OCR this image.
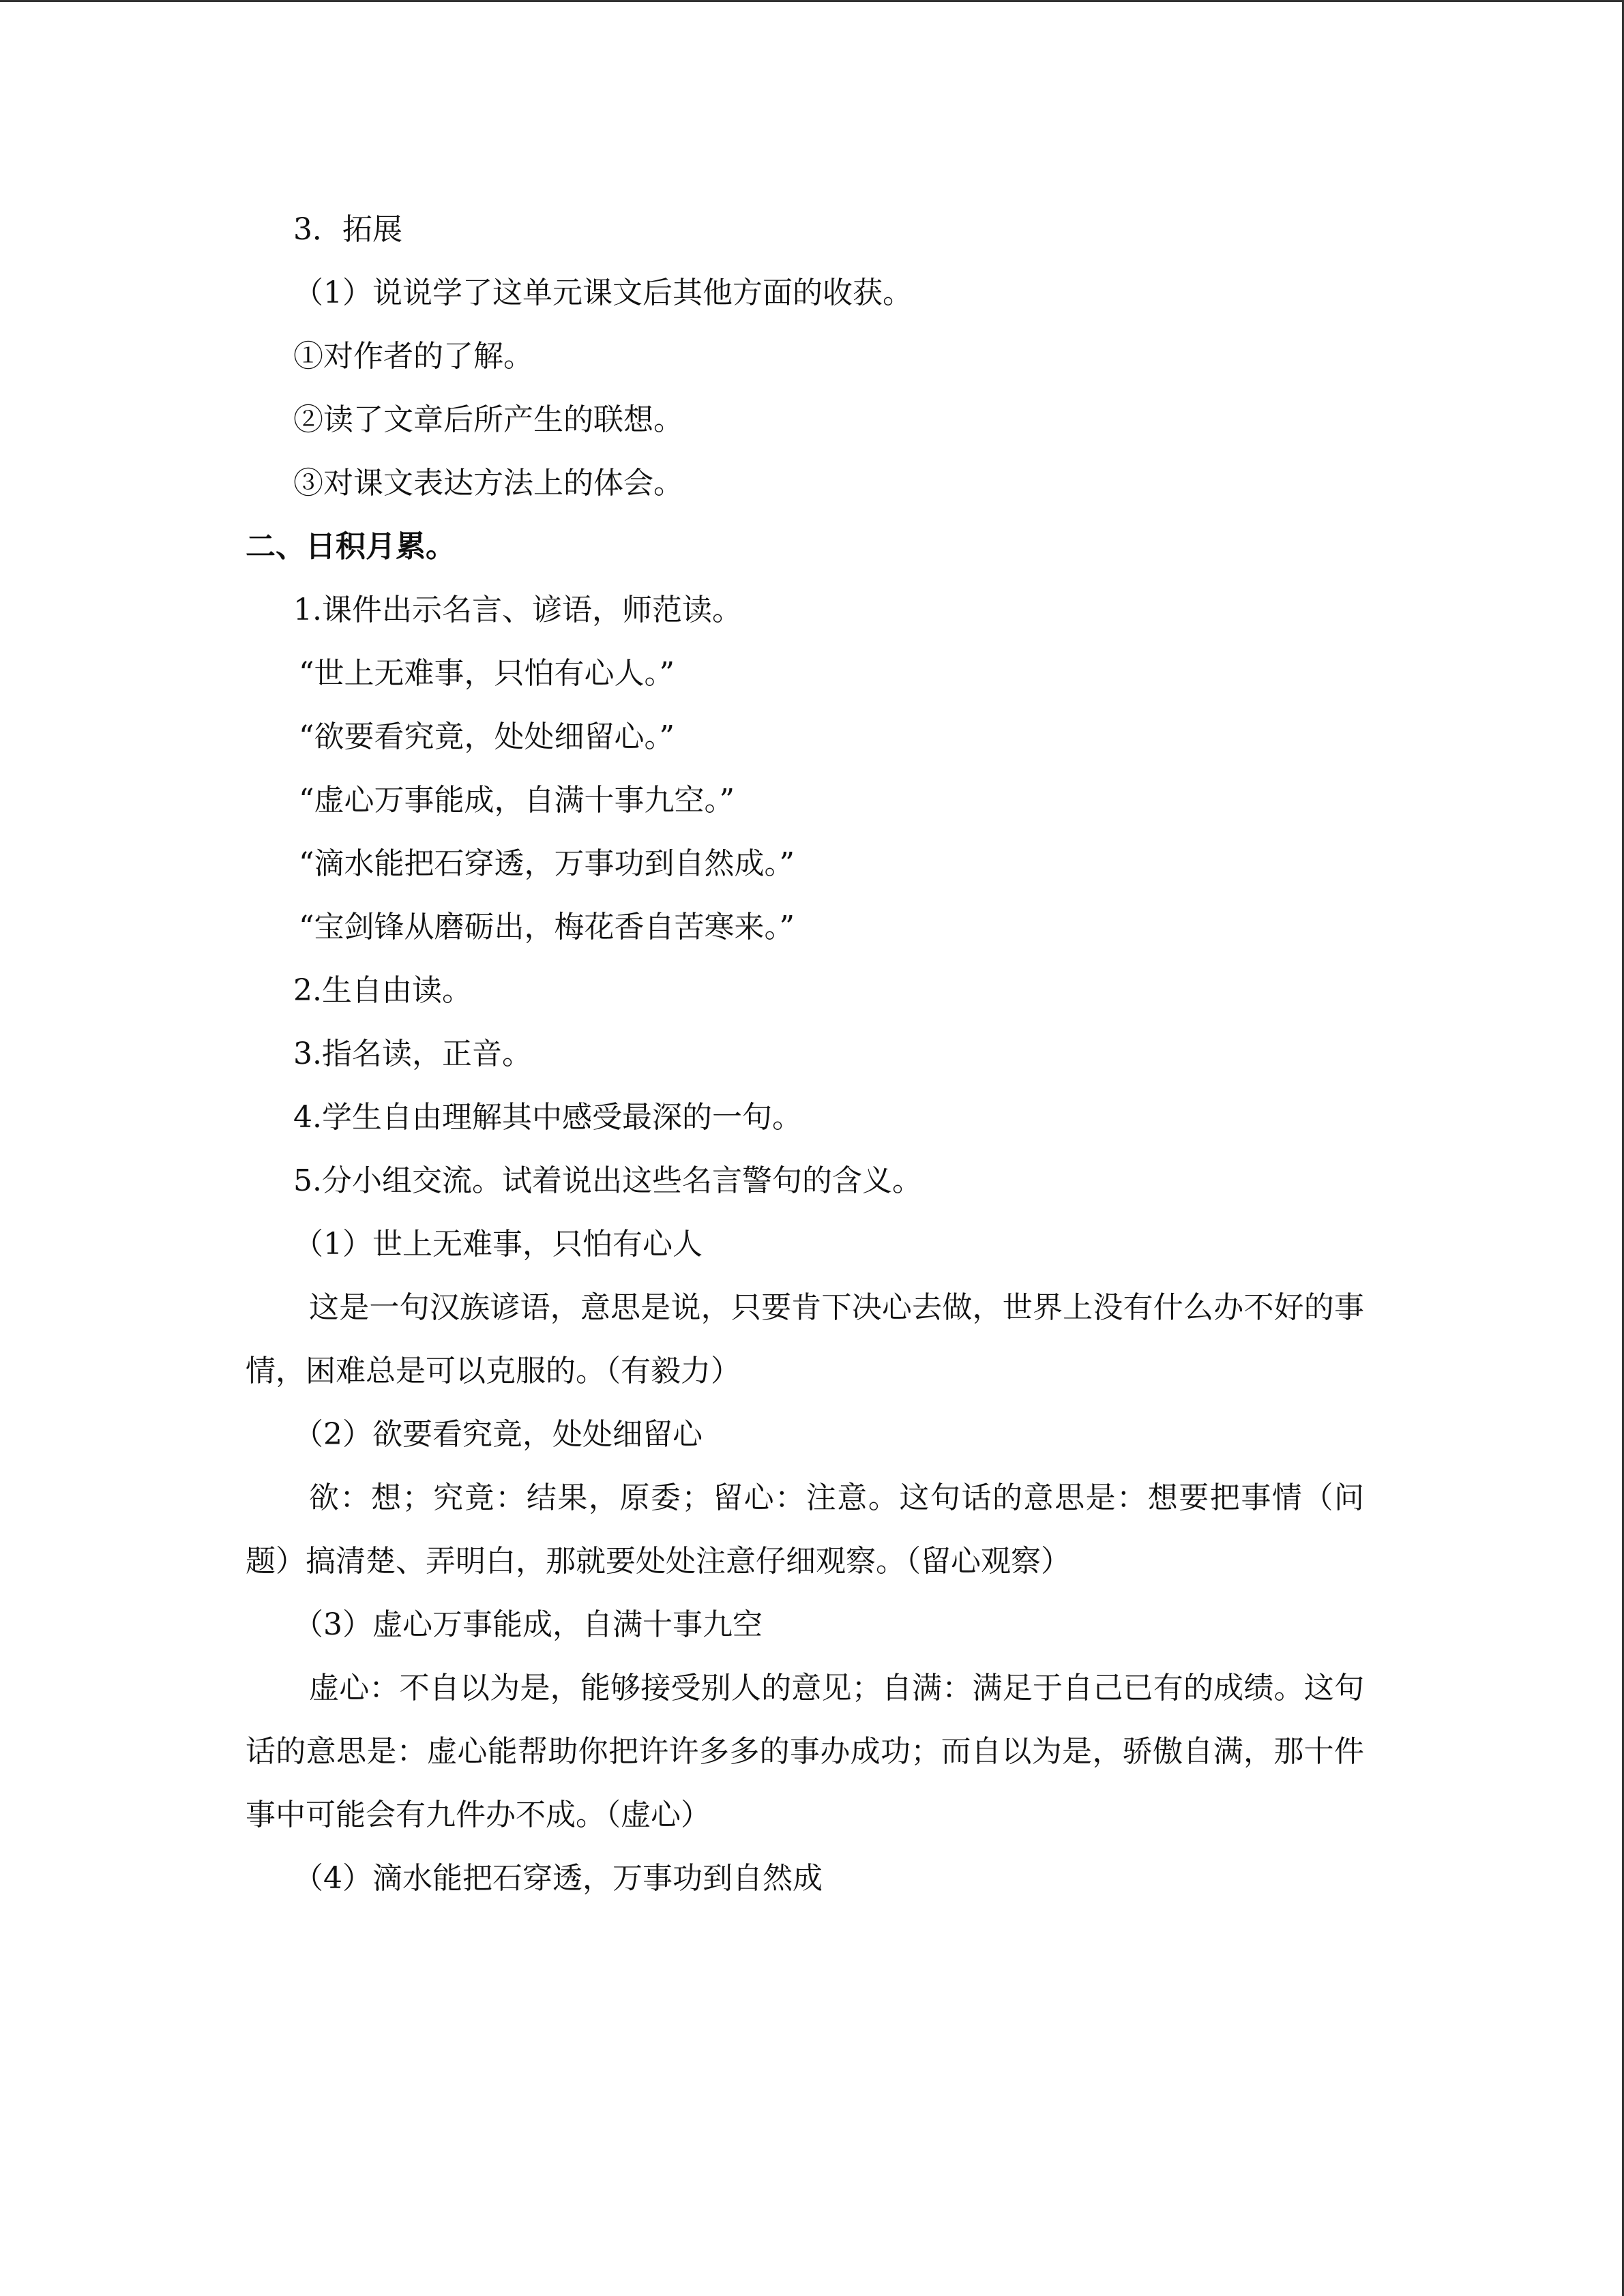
3．拓展

（1）说说学了这单元课文后其他方面的收获。

①对作者的了解。

②读了文章后所产生的联想。

③对课文表达方法上的体会。

二、日积月累。

1.课件出示名言、谚语，师范读。

“世上无难事，只怕有心人。”

“欲要看究竟，处处细留心。”

“虚心万事能成，自满十事九空。”

“滴水能把石穿透，万事功到自然成。”

“宝剑锋从磨砺出，梅花香自苦寒来。”

2.生自由读。

3.指名读，正音。

4.学生自由理解其中感受最深的一句。

5.分小组交流。试着说出这些名言警句的含义。

（1）世上无难事，只怕有心人

这是一句汉族谚语，意思是说，只要肯下决心去做，世界上没有什么办不好的事情，困难总是可以克服的。（有毅力）

（2）欲要看究竟，处处细留心

欲：想；究竟：结果，原委；留心：注意。这句话的意思是：想要把事情（问题）搞清楚、弄明白，那就要处处注意仔细观察。（留心观察）

（3）虚心万事能成，自满十事九空

虚心：不自以为是，能够接受别人的意见；自满：满足于自己已有的成绩。这句话的意思是：虚心能帮助你把许许多多的事办成功；而自以为是，骄傲自满，那十件事中可能会有九件办不成。（虚心）

（4）滴水能把石穿透，万事功到自然成
